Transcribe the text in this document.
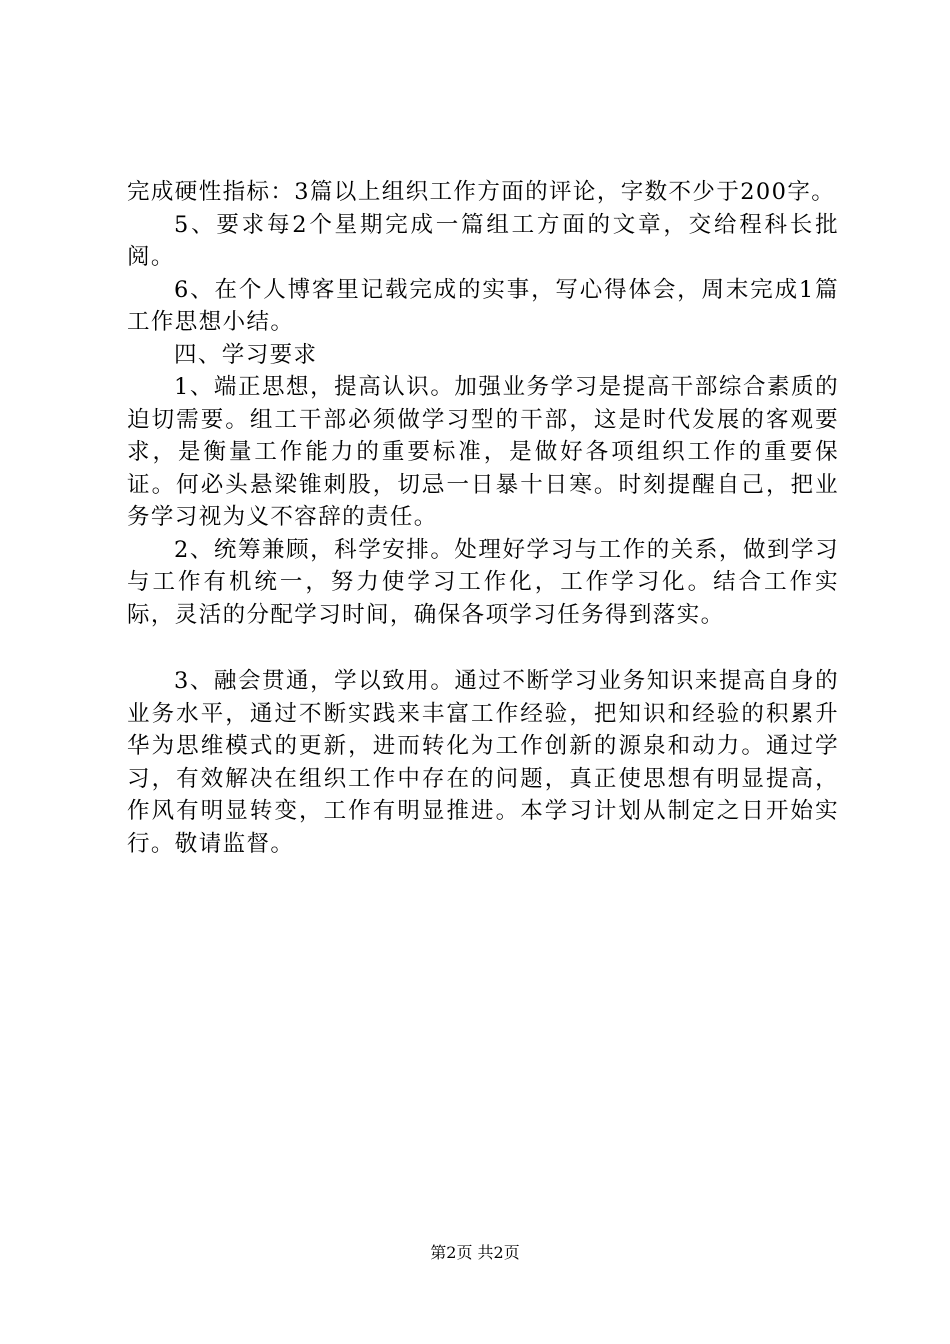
完成硬性指标：3篇以上组织工作方面的评论，字数不少于200字。

5、要求每2个星期完成一篇组工方面的文章，交给程科长批阅。

6、在个人博客里记载完成的实事，写心得体会，周末完成1篇工作思想小结。

四、学习要求

1、端正思想，提高认识。加强业务学习是提高干部综合素质的迫切需要。组工干部必须做学习型的干部，这是时代发展的客观要求，是衡量工作能力的重要标准，是做好各项组织工作的重要保证。何必头悬梁锥刺股，切忌一日暴十日寒。时刻提醒自己，把业务学习视为义不容辞的责任。

2、统筹兼顾，科学安排。处理好学习与工作的关系，做到学习与工作有机统一，努力使学习工作化，工作学习化。结合工作实际，灵活的分配学习时间，确保各项学习任务得到落实。

3、融会贯通，学以致用。通过不断学习业务知识来提高自身的业务水平，通过不断实践来丰富工作经验，把知识和经验的积累升华为思维模式的更新，进而转化为工作创新的源泉和动力。通过学习，有效解决在组织工作中存在的问题，真正使思想有明显提高，作风有明显转变，工作有明显推进。本学习计划从制定之日开始实行。敬请监督。

第2页 共2页
